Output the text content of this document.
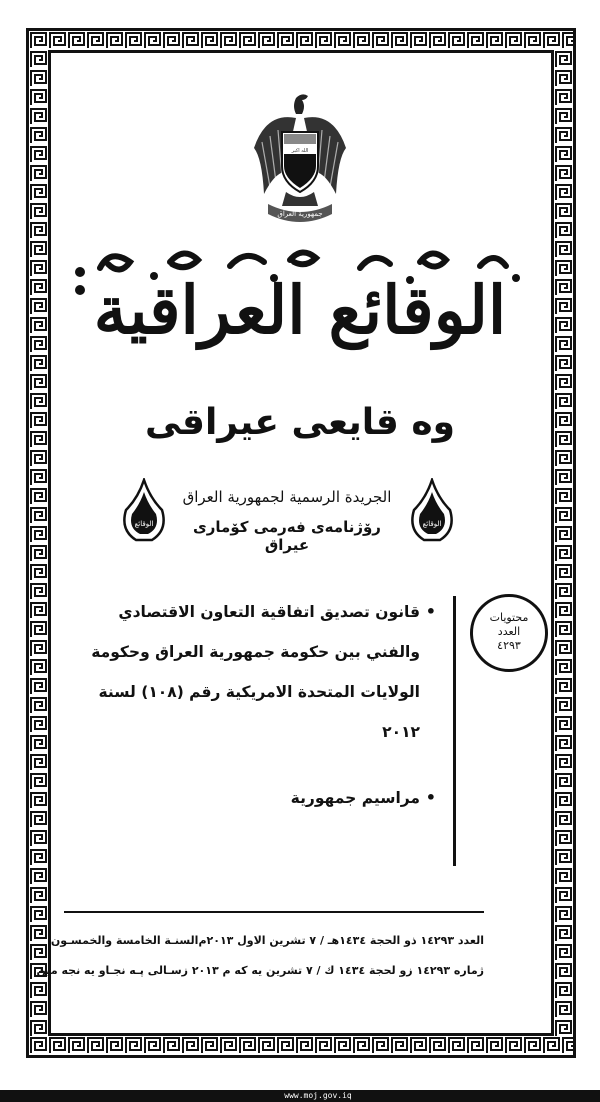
الله اكبر
جمهورية العراق
الوقائع العراقية
وه قايعى عيراقى
الوقائع	الوقائع
الجريدة الرسمية لجمهورية العراق
رۆژنامەی فەرمی كۆماری عیراق
محتويات
العدد
٤٢٩٣
• قانون تصديق اتفاقية التعاون الاقتصادي والفني بين حكومة جمهورية العراق وحكومة الولايات المتحدة الامريكية رقم (١٠٨) لسنة ٢٠١٢
• مراسيم جمهورية
العدد ٤٢٩٣
١ ذو الحجة ١٤٣٤هـ / ٧ تشرين الاول ٢٠١٣م
السنـة الخامسة والخمسـون
ژماره ٤٢٩٣
١ زو لحجة ١٤٣٤ ك / ٧ تشرين يه كه م ٢٠١٣ ز
سـالى پـه نجـاو يه نجه مين
www.moj.gov.iq
